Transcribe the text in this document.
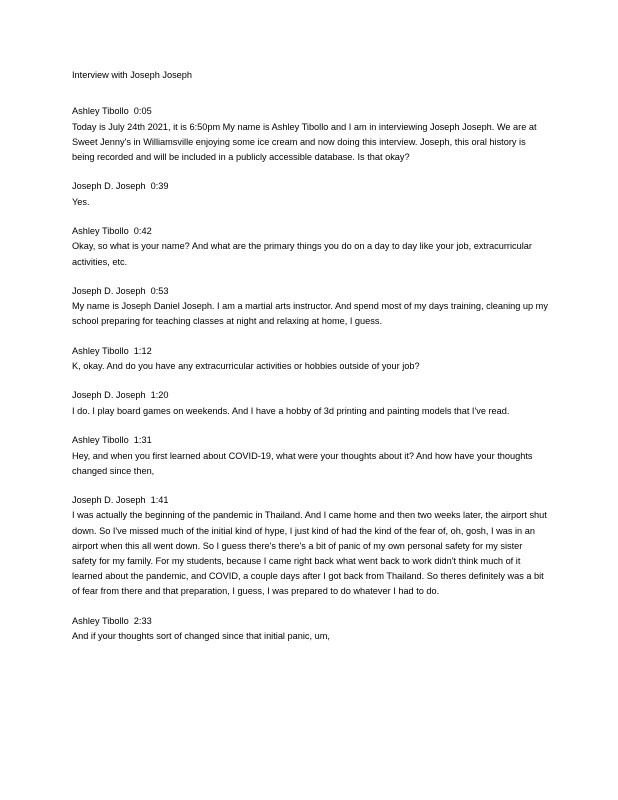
Interview with Joseph Joseph

Ashley Tibollo  0:05

Today is July 24th 2021, it is 6:50pm My name is Ashley Tibollo and I am in interviewing Joseph Joseph. We are at Sweet Jenny's in Williamsville enjoying some ice cream and now doing this interview. Joseph, this oral history is being recorded and will be included in a publicly accessible database. Is that okay?

Joseph D. Joseph  0:39

Yes.

Ashley Tibollo  0:42

Okay, so what is your name? And what are the primary things you do on a day to day like your job, extracurricular activities, etc.

Joseph D. Joseph  0:53

My name is Joseph Daniel Joseph. I am a martial arts instructor. And spend most of my days training, cleaning up my school preparing for teaching classes at night and relaxing at home, I guess.

Ashley Tibollo  1:12

K, okay. And do you have any extracurricular activities or hobbies outside of your job?

Joseph D. Joseph  1:20

I do. I play board games on weekends. And I have a hobby of 3d printing and painting models that I've read.

Ashley Tibollo  1:31

Hey, and when you first learned about COVID-19, what were your thoughts about it? And how have your thoughts changed since then,

Joseph D. Joseph  1:41

I was actually the beginning of the pandemic in Thailand. And I came home and then two weeks later, the airport shut down. So I've missed much of the initial kind of hype, I just kind of had the kind of the fear of, oh, gosh, I was in an airport when this all went down. So I guess there's there's a bit of panic of my own personal safety for my sister safety for my family. For my students, because I came right back what went back to work didn't think much of it learned about the pandemic, and COVID, a couple days after I got back from Thailand. So theres definitely was a bit of fear from there and that preparation, I guess, I was prepared to do whatever I had to do.

Ashley Tibollo  2:33

And if your thoughts sort of changed since that initial panic, um,
